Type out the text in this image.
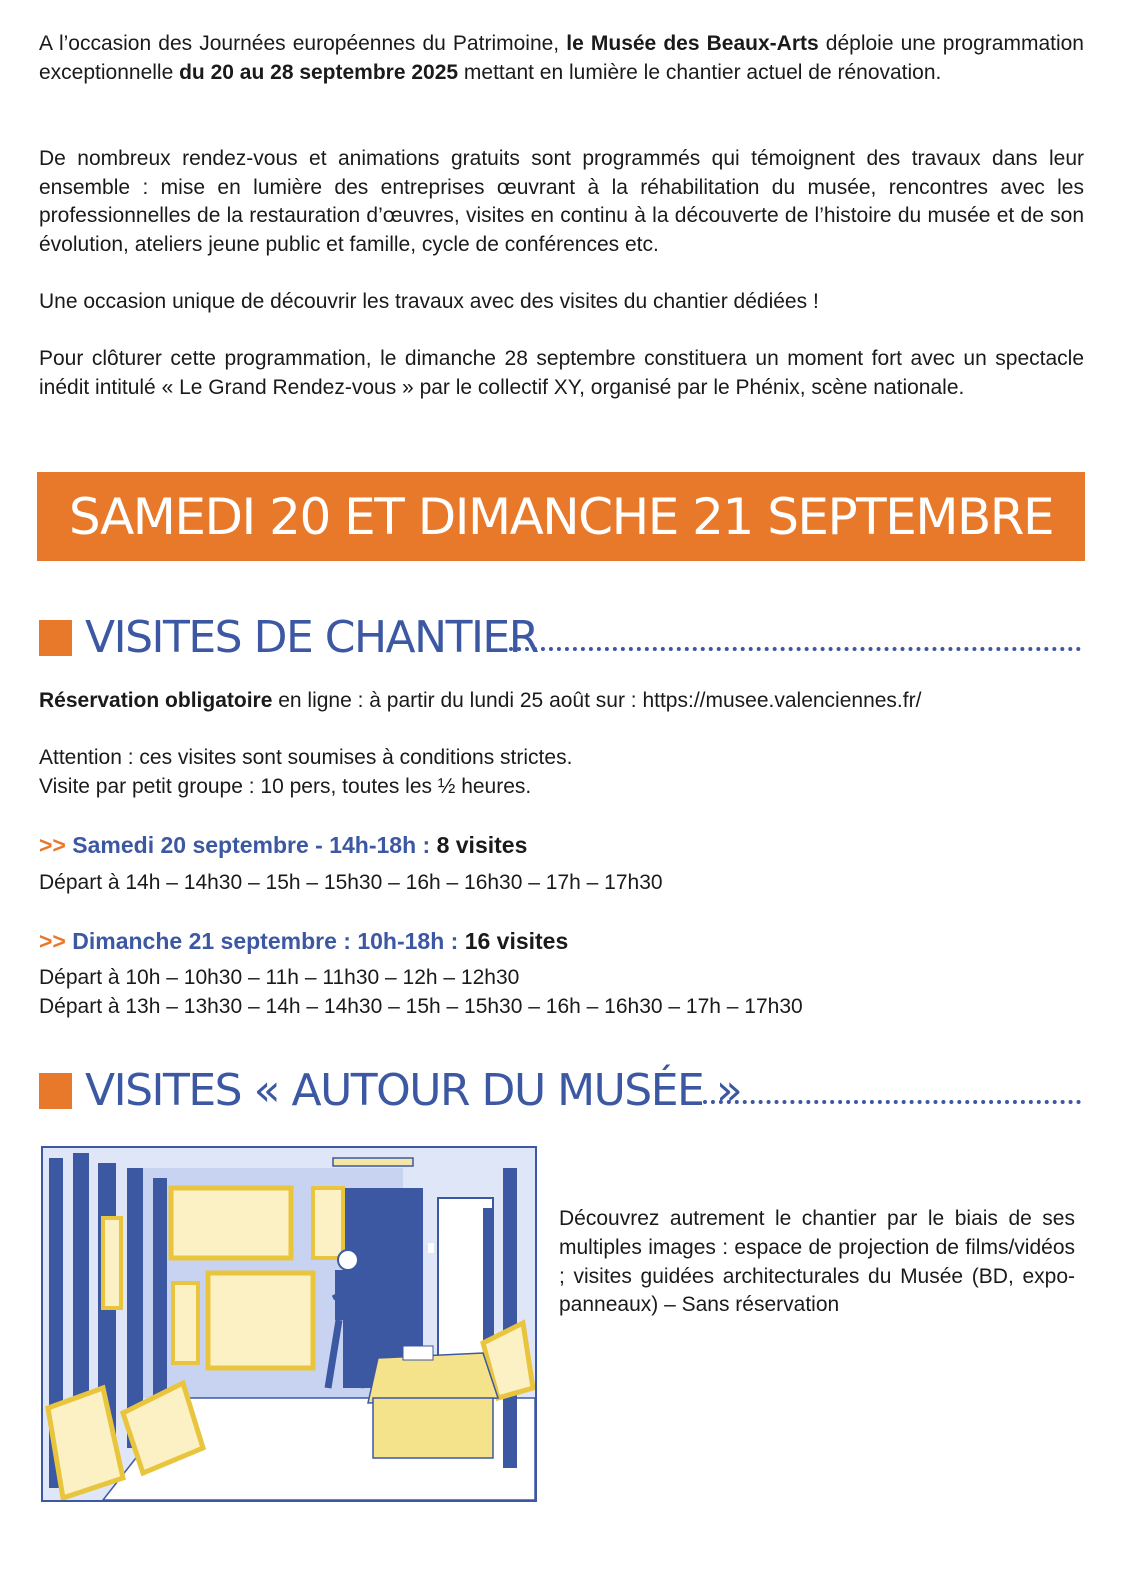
A l’occasion des Journées européennes du Patrimoine, le Musée des Beaux-Arts déploie une programmation exceptionnelle du 20 au 28 septembre 2025 mettant en lumière le chantier actuel de rénovation.

De nombreux rendez-vous et animations gratuits sont programmés qui témoignent des travaux dans leur ensemble : mise en lumière des entreprises œuvrant à la réhabilitation du musée, rencontres avec les professionnelles de la restauration d’œuvres, visites en continu à la découverte de l’histoire du musée et de son évolution, ateliers jeune public et famille, cycle de conférences etc.

Une occasion unique de découvrir les travaux avec des visites du chantier dédiées !

Pour clôturer cette programmation, le dimanche 28 septembre constituera un moment fort avec un spectacle inédit intitulé « Le Grand Rendez-vous » par le collectif XY, organisé par le Phénix, scène nationale.

SAMEDI 20 ET DIMANCHE 21 SEPTEMBRE
VISITES DE CHANTIER

Réservation obligatoire en ligne : à partir du lundi 25 août sur : https://musee.valenciennes.fr/

Attention : ces visites sont soumises à conditions strictes.

Visite par petit groupe : 10 pers, toutes les ½ heures.

>> Samedi 20 septembre - 14h-18h : 8 visites

Départ à 14h – 14h30 – 15h – 15h30 – 16h – 16h30 – 17h – 17h30

>> Dimanche 21 septembre : 10h-18h : 16 visites

Départ à 10h – 10h30 – 11h – 11h30 – 12h – 12h30

Départ à 13h – 13h30 – 14h – 14h30 – 15h – 15h30 – 16h – 16h30 – 17h – 17h30

VISITES « AUTOUR DU MUSÉE »

Découvrez autrement le chantier par le biais de ses multiples images : espace de projection de films/vidéos ; visites guidées architecturales du Musée (BD, expo-panneaux) – Sans réservation
